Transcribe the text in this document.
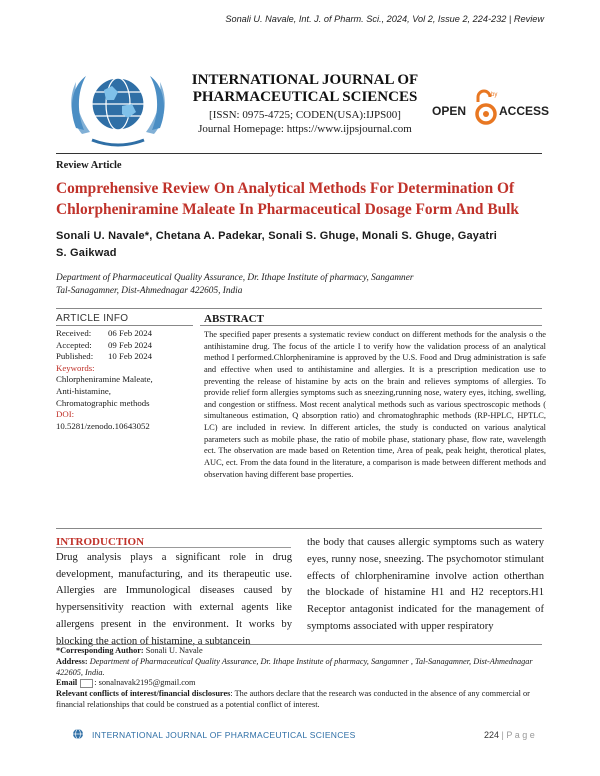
Sonali U. Navale, Int. J. of Pharm. Sci., 2024, Vol 2, Issue 2, 224-232 | Review
INTERNATIONAL JOURNAL OF
PHARMACEUTICAL SCIENCES
[ISSN: 0975-4725; CODEN(USA):IJPS00]
Journal Homepage: https://www.ijpsjournal.com
OPEN
by
ACCESS
Review Article
Comprehensive Review On Analytical Methods For Determination Of Chlorpheniramine Maleate In Pharmaceutical Dosage Form And Bulk
Sonali U. Navale*, Chetana A. Padekar, Sonali S. Ghuge, Monali S. Ghuge, Gayatri
S. Gaikwad
Department of Pharmaceutical Quality Assurance, Dr. Ithape Institute of pharmacy, Sangamner
Tal-Sanagamner, Dist-Ahmednagar 422605, India
ARTICLE INFO	ABSTRACT
Received:	06 Feb 2024
Accepted:	09 Feb 2024
Published:	10 Feb 2024
Keywords:
Chlorpheniramine Maleate,
Anti-histamine,
Chromatographic methods
DOI:
10.5281/zenodo.10643052
The specified paper presents a systematic review conduct on different methods for the analysis o the antihistamine drug. The focus of the article I to verify how the validation process of an analytical method I performed.Chlorpheniramine is approved by the U.S. Food and Drug administration is safe and effective when used to antihistamine and allergies. It is a prescription medication use to preventing the release of histamine by acts on the brain and relieves symptoms of allergies. To provide relief form allergies symptoms such as sneezing,running nose, watery eyes, itching, swelling, and congestion or stiffness. Most recent analytical methods such as various spectroscopic methods ( simultaneous estimation, Q absorption ratio) and chromatoghraphic methods (RP-HPLC, HPTLC, LC) are included in review. In different articles, the study is conducted on various analytical parameters such as mobile phase, the ratio of mobile phase, stationary phase, flow rate, wavelength ect. The observation are made based on Retention time, Area of peak, peak height, therotical plates, AUC, ect. From the data found in the literature, a comparison is made between different methods and observation having different base properties.
INTRODUCTION
Drug analysis plays a significant role in drug development, manufacturing, and its therapeutic use. Allergies are Immunological diseases caused by hypersensitivity reaction with external agents like allergens present in the environment. It works by blocking the action of histamine, a subtancein
the body that causes allergic symptoms such as watery eyes, runny nose, sneezing. The psychomotor stimulant effects of chlorpheniramine involve action otherthan the blockade of histamine H1 and H2 receptors.H1 Receptor antagonist indicated for the management of symptoms associated with upper respiratory
*Corresponding Author: Sonali U. Navale
Address: Department of Pharmaceutical Quality Assurance, Dr. Ithape Institute of pharmacy, Sangamner , Tal-Sanagamner, Dist-Ahmednagar 422605, India.
Email : sonalnavak2195@gmail.com
Relevant conflicts of interest/financial disclosures: The authors declare that the research was conducted in the absence of any commercial or financial relationships that could be construed as a potential conflict of interest.
INTERNATIONAL JOURNAL OF PHARMACEUTICAL SCIENCES	224 | P a g e
